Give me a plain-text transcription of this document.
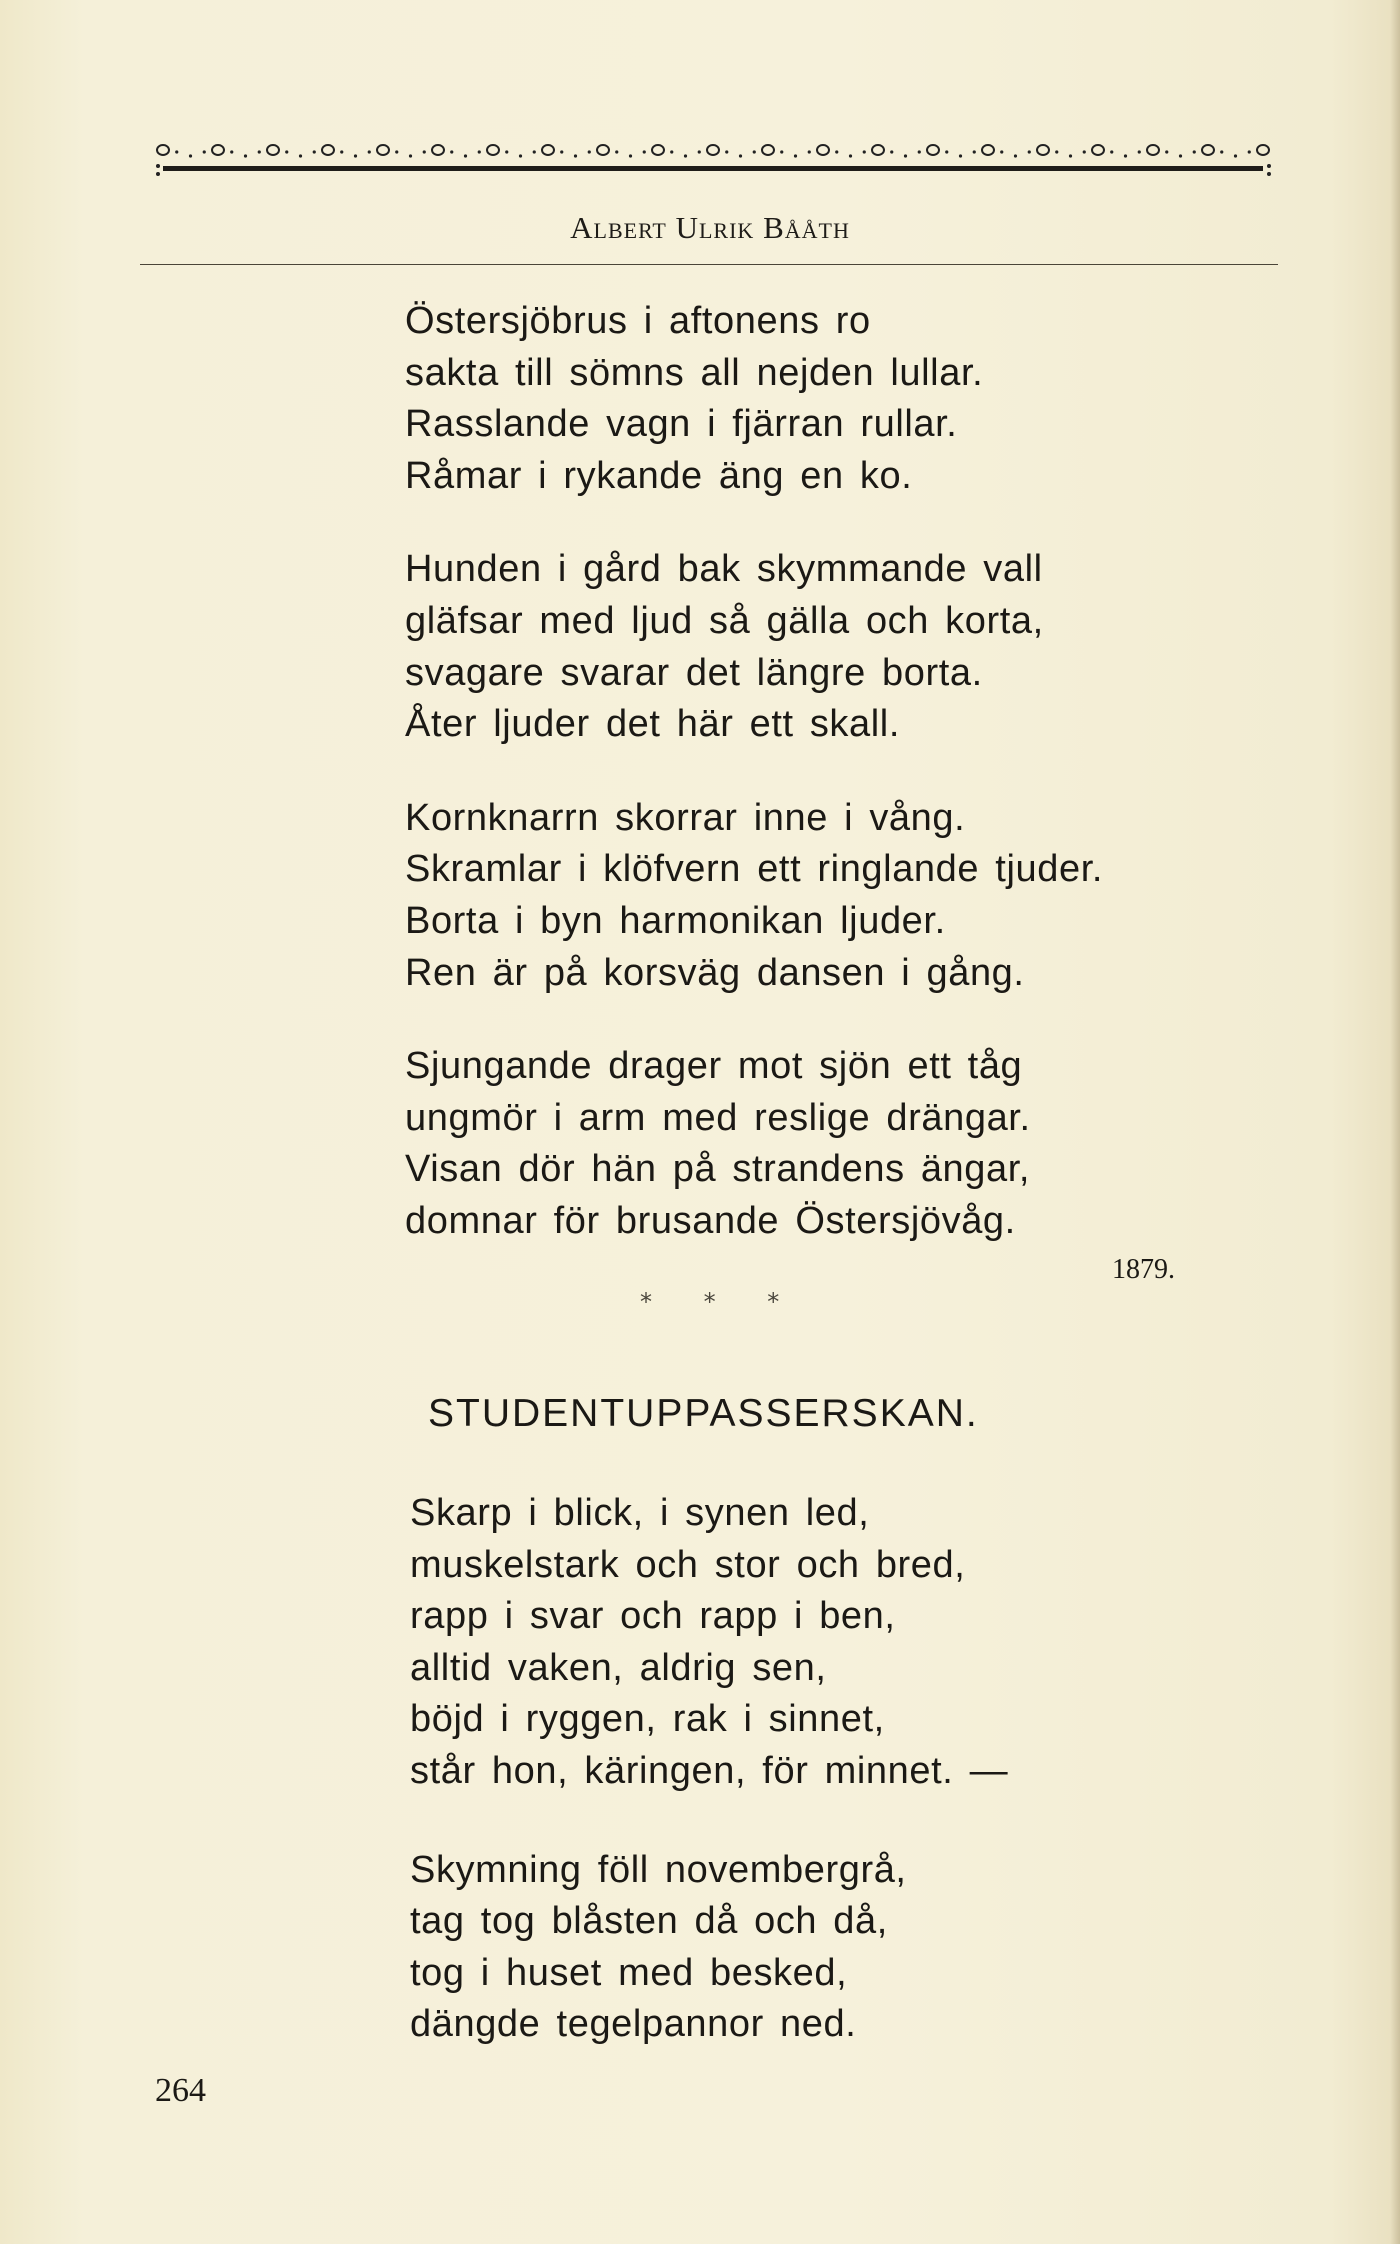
Albert Ulrik Bååth
Östersjöbrus i aftonens ro
sakta till sömns all nejden lullar.
Rasslande vagn i fjärran rullar.
Råmar i rykande äng en ko.
Hunden i gård bak skymmande vall
gläfsar med ljud så gälla och korta,
svagare svarar det längre borta.
Åter ljuder det här ett skall.
Kornknarrn skorrar inne i vång.
Skramlar i klöfvern ett ringlande tjuder.
Borta i byn harmonikan ljuder.
Ren är på korsväg dansen i gång.
Sjungande drager mot sjön ett tåg
ungmör i arm med reslige drängar.
Visan dör hän på strandens ängar,
domnar för brusande Östersjövåg.
1879.
* * *
STUDENTUPPASSERSKAN.
Skarp i blick, i synen led,
muskelstark och stor och bred,
rapp i svar och rapp i ben,
alltid vaken, aldrig sen,
böjd i ryggen, rak i sinnet,
står hon, käringen, för minnet. —
Skymning föll novembergrå,
tag tog blåsten då och då,
tog i huset med besked,
dängde tegelpannor ned.
264
